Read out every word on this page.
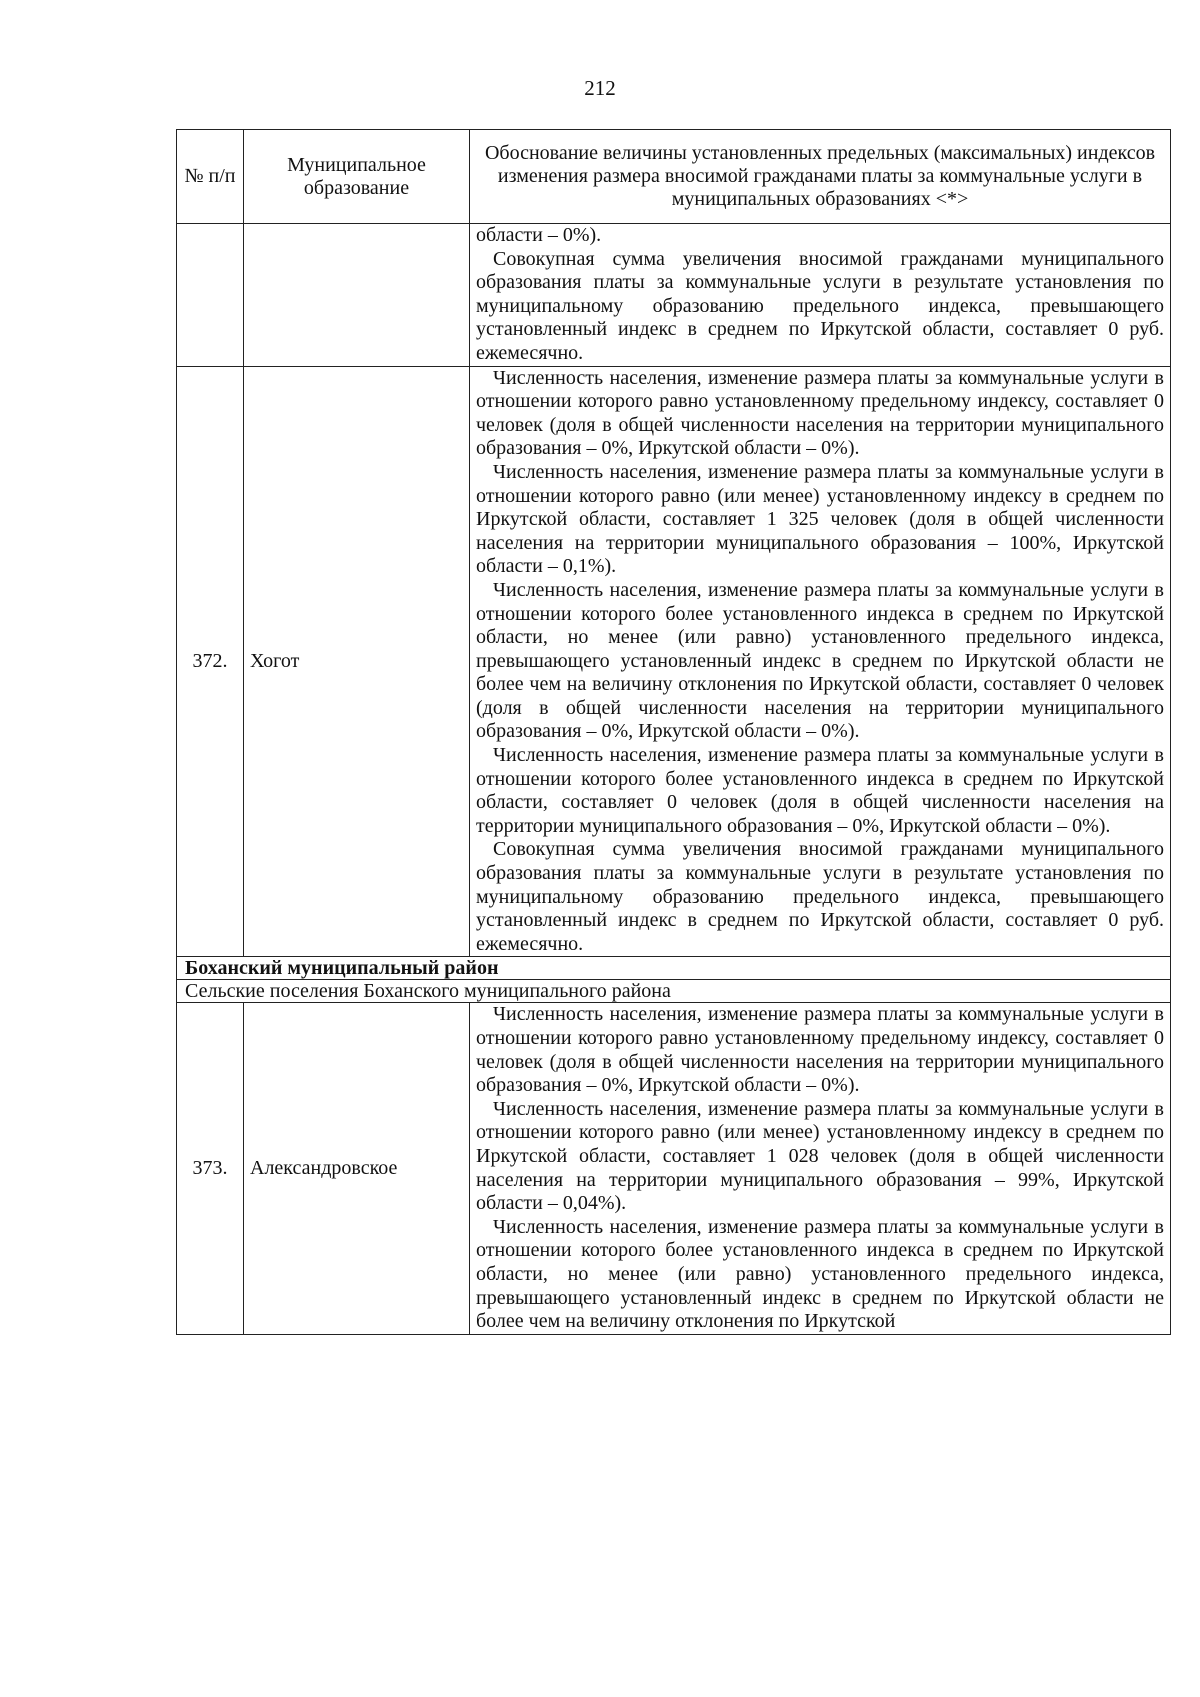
212
№ п/п	Муниципальное образование	Обоснование величины установленных предельных (максимальных) индексов изменения размера вносимой гражданами платы за коммунальные услуги в муниципальных образованиях <*>

		области – 0%).

Совокупная сумма увеличения вносимой гражданами муниципального образования платы за коммунальные услуги в результате установления по муниципальному образованию предельного индекса, превышающего установленный индекс в среднем по Иркутской области, составляет 0 руб. ежемесячно.

372.	Хогот	Численность населения, изменение размера платы за коммунальные услуги в отношении которого равно установленному предельному индексу, составляет 0 человек (доля в общей численности населения на территории муниципального образования – 0%, Иркутской области – 0%).

Численность населения, изменение размера платы за коммунальные услуги в отношении которого равно (или менее) установленному индексу в среднем по Иркутской области, составляет 1 325 человек (доля в общей численности населения на территории муниципального образования – 100%, Иркутской области – 0,1%).

Численность населения, изменение размера платы за коммунальные услуги в отношении которого более установленного индекса в среднем по Иркутской области, но менее (или равно) установленного предельного индекса, превышающего установленный индекс в среднем по Иркутской области не более чем на величину отклонения по Иркутской области, составляет 0 человек (доля в общей численности населения на территории муниципального образования – 0%, Иркутской области – 0%).

Численность населения, изменение размера платы за коммунальные услуги в отношении которого более установленного индекса в среднем по Иркутской области, составляет 0 человек (доля в общей численности населения на территории муниципального образования – 0%, Иркутской области – 0%).

Совокупная сумма увеличения вносимой гражданами муниципального образования платы за коммунальные услуги в результате установления по муниципальному образованию предельного индекса, превышающего установленный индекс в среднем по Иркутской области, составляет 0 руб. ежемесячно.

Боханский муниципальный район		
Сельские поселения Боханского муниципального района		
373.	Александровское	Численность населения, изменение размера платы за коммунальные услуги в отношении которого равно установленному предельному индексу, составляет 0 человек (доля в общей численности населения на территории муниципального образования – 0%, Иркутской области – 0%).

Численность населения, изменение размера платы за коммунальные услуги в отношении которого равно (или менее) установленному индексу в среднем по Иркутской области, составляет 1 028 человек (доля в общей численности населения на территории муниципального образования – 99%, Иркутской области – 0,04%).

Численность населения, изменение размера платы за коммунальные услуги в отношении которого более установленного индекса в среднем по Иркутской области, но менее (или равно) установленного предельного индекса, превышающего установленный индекс в среднем по Иркутской области не более чем на величину отклонения по Иркутской
